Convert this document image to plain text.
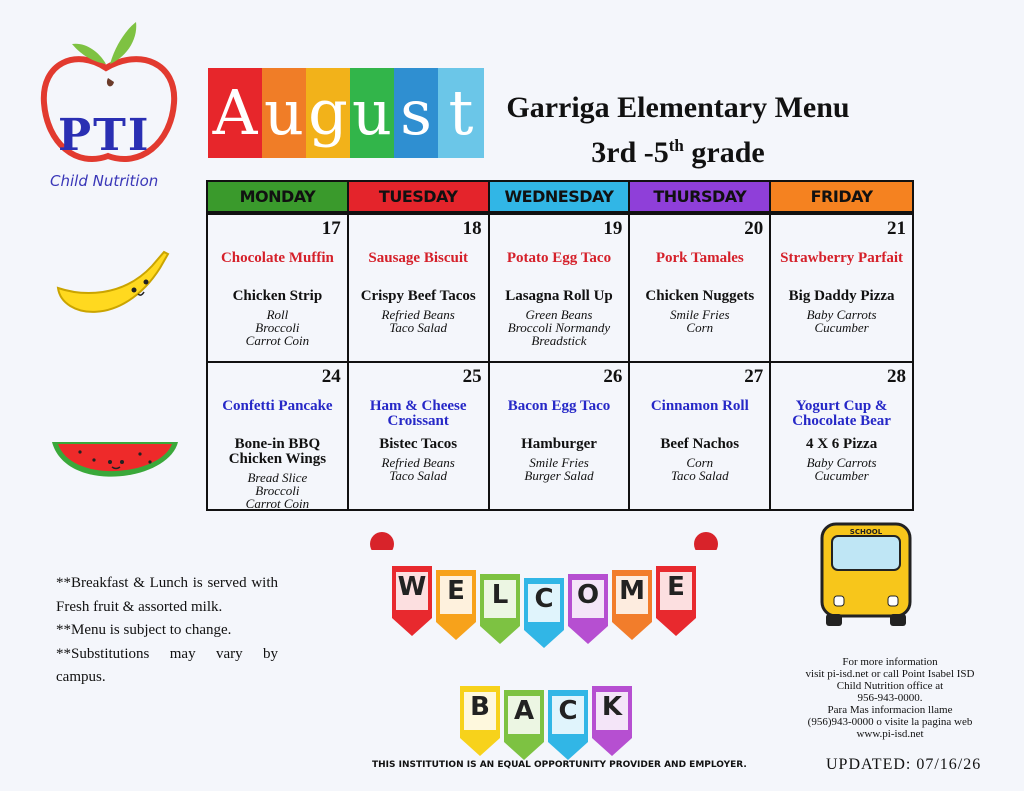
PTI
Child Nutrition
A u g u s t	Garriga Elementary Menu
3rd -5th grade
MONDAY	TUESDAY	WEDNESDAY	THURSDAY	FRIDAY
17
Chocolate Muffin
Chicken Strip
Roll
Broccoli
Carrot Coin
18
Sausage Biscuit
Crispy Beef Tacos
Refried Beans
Taco Salad
19
Potato Egg Taco
Lasagna Roll Up
Green Beans
Broccoli Normandy
Breadstick
20
Pork Tamales
Chicken Nuggets
Smile Fries
Corn
21
Strawberry Parfait
Big Daddy Pizza
Baby Carrots
Cucumber
24
Confetti Pancake
Bone-in BBQ Chicken Wings
Bread Slice
Broccoli
Carrot Coin
25
Ham & Cheese Croissant
Bistec Tacos
Refried Beans
Taco Salad
26
Bacon Egg Taco
Hamburger
Smile Fries
Burger Salad
27
Cinnamon Roll
Beef Nachos
Corn
Taco Salad
28
Yogurt Cup & Chocolate Bear
4 X 6 Pizza
Baby Carrots
Cucumber

**Breakfast & Lunch is served with Fresh fruit & assorted milk.

**Menu is subject to change.

**Substitutions may vary by campus.

W E	L	C O M E
B A C K
SCHOOL
For more information
visit pi-isd.net or call Point Isabel ISD
Child Nutrition office at
956-943-0000.
Para Mas informacion llame
(956)943-0000 o visite la pagina web
www.pi-isd.net
UPDATED: 07/16/26
THIS INSTITUTION IS AN EQUAL OPPORTUNITY PROVIDER AND EMPLOYER.
